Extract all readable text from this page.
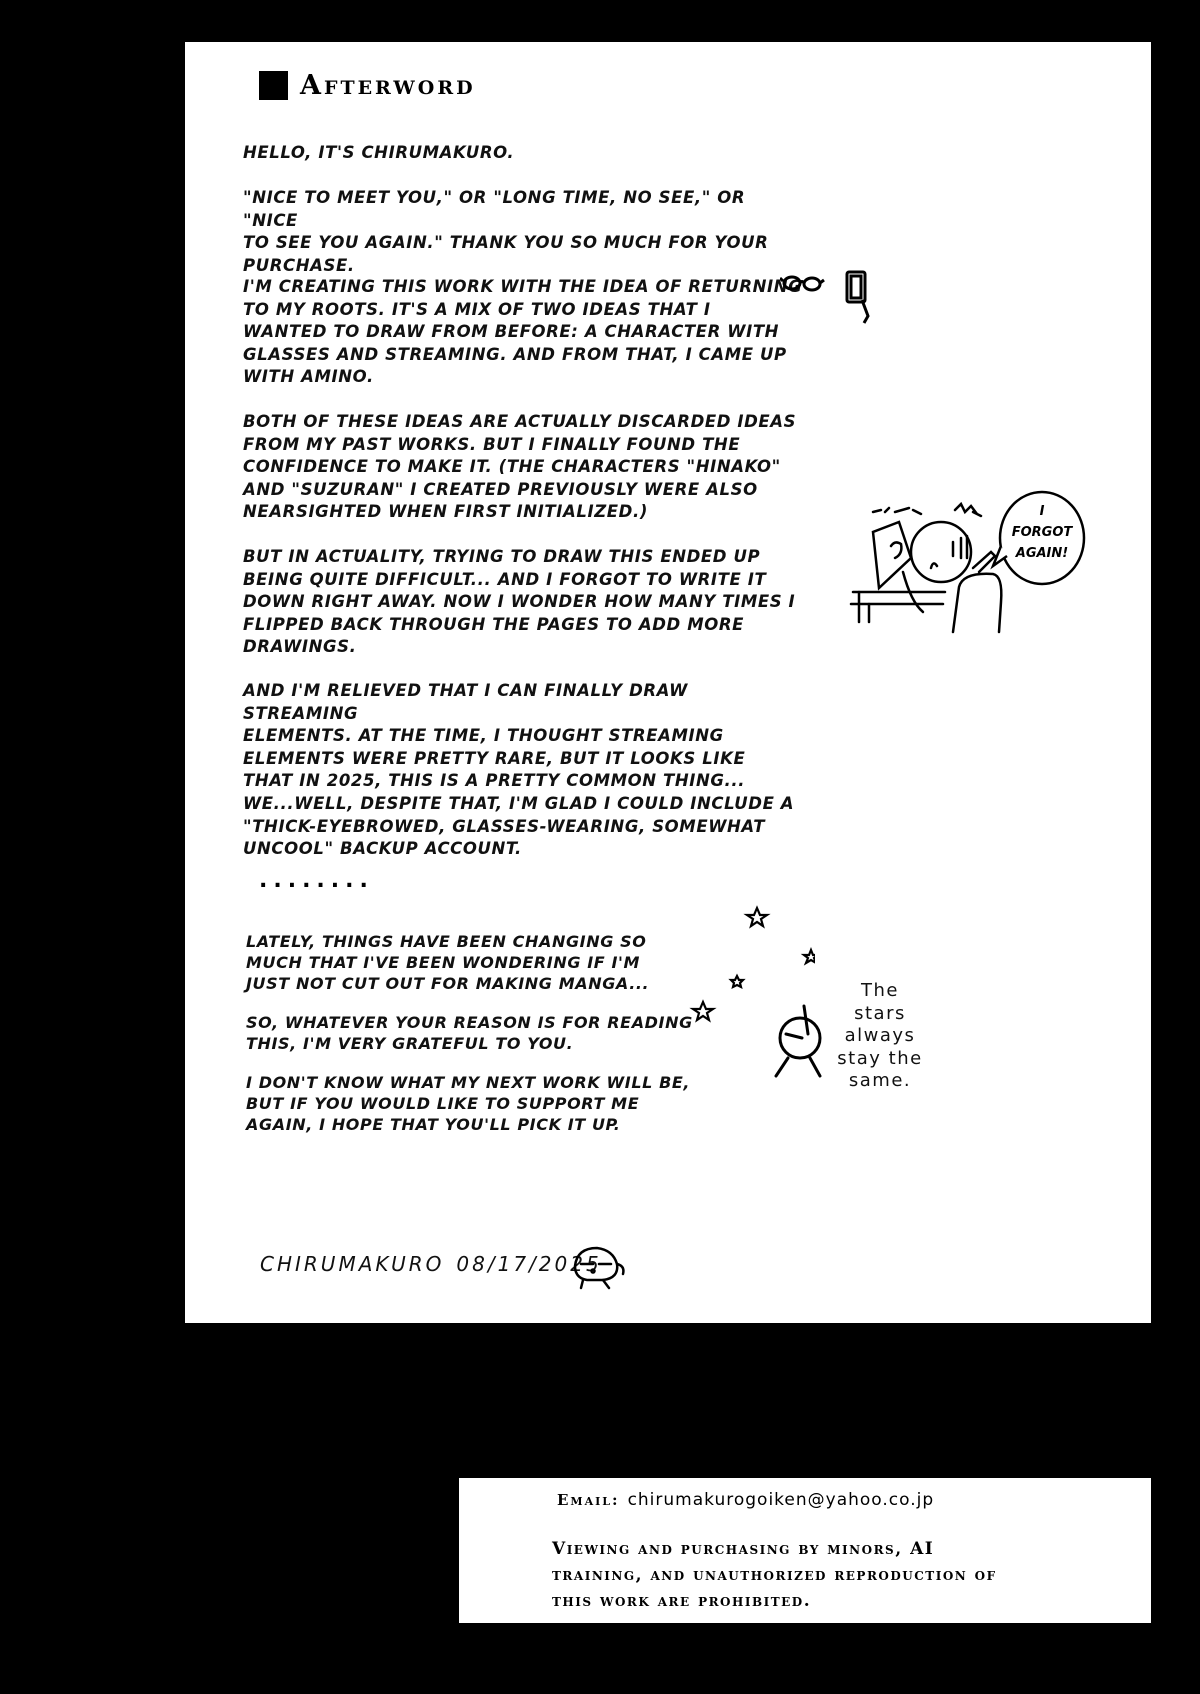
Afterword

HELLO, IT'S CHIRUMAKURO.

"NICE TO MEET YOU," OR "LONG TIME, NO SEE," OR "NICE
TO SEE YOU AGAIN." THANK YOU SO MUCH FOR YOUR
PURCHASE.

I'M CREATING THIS WORK WITH THE IDEA OF RETURNING
TO MY ROOTS. IT'S A MIX OF TWO IDEAS THAT I
WANTED TO DRAW FROM BEFORE: A CHARACTER WITH
GLASSES AND STREAMING. AND FROM THAT, I CAME UP
WITH AMINO.

BOTH OF THESE IDEAS ARE ACTUALLY DISCARDED IDEAS
FROM MY PAST WORKS. BUT I FINALLY FOUND THE
CONFIDENCE TO MAKE IT. (THE CHARACTERS "HINAKO"
AND "SUZURAN" I CREATED PREVIOUSLY WERE ALSO
NEARSIGHTED WHEN FIRST INITIALIZED.)

BUT IN ACTUALITY, TRYING TO DRAW THIS ENDED UP
BEING QUITE DIFFICULT... AND I FORGOT TO WRITE IT
DOWN RIGHT AWAY. NOW I WONDER HOW MANY TIMES I
FLIPPED BACK THROUGH THE PAGES TO ADD MORE
DRAWINGS.

AND I'M RELIEVED THAT I CAN FINALLY DRAW STREAMING
ELEMENTS. AT THE TIME, I THOUGHT STREAMING
ELEMENTS WERE PRETTY RARE, BUT IT LOOKS LIKE
THAT IN 2025, THIS IS A PRETTY COMMON THING...

WE...WELL, DESPITE THAT, I'M GLAD I COULD INCLUDE A
"THICK-EYEBROWED, GLASSES-WEARING, SOMEWHAT
UNCOOL" BACKUP ACCOUNT.

........

LATELY, THINGS HAVE BEEN CHANGING SO
MUCH THAT I'VE BEEN WONDERING IF I'M
JUST NOT CUT OUT FOR MAKING MANGA...

SO, WHATEVER YOUR REASON IS FOR READING
THIS, I'M VERY GRATEFUL TO YOU.

I DON'T KNOW WHAT MY NEXT WORK WILL BE,
BUT IF YOU WOULD LIKE TO SUPPORT ME
AGAIN, I HOPE THAT YOU'LL PICK IT UP.

I
FORGOT
AGAIN!
The
stars
always
stay the
same.
CHIRUMAKURO 08/17/2025
Email: chirumakurogoiken@yahoo.co.jp

Viewing and purchasing by minors, AI training, and unauthorized reproduction of this work are prohibited.
